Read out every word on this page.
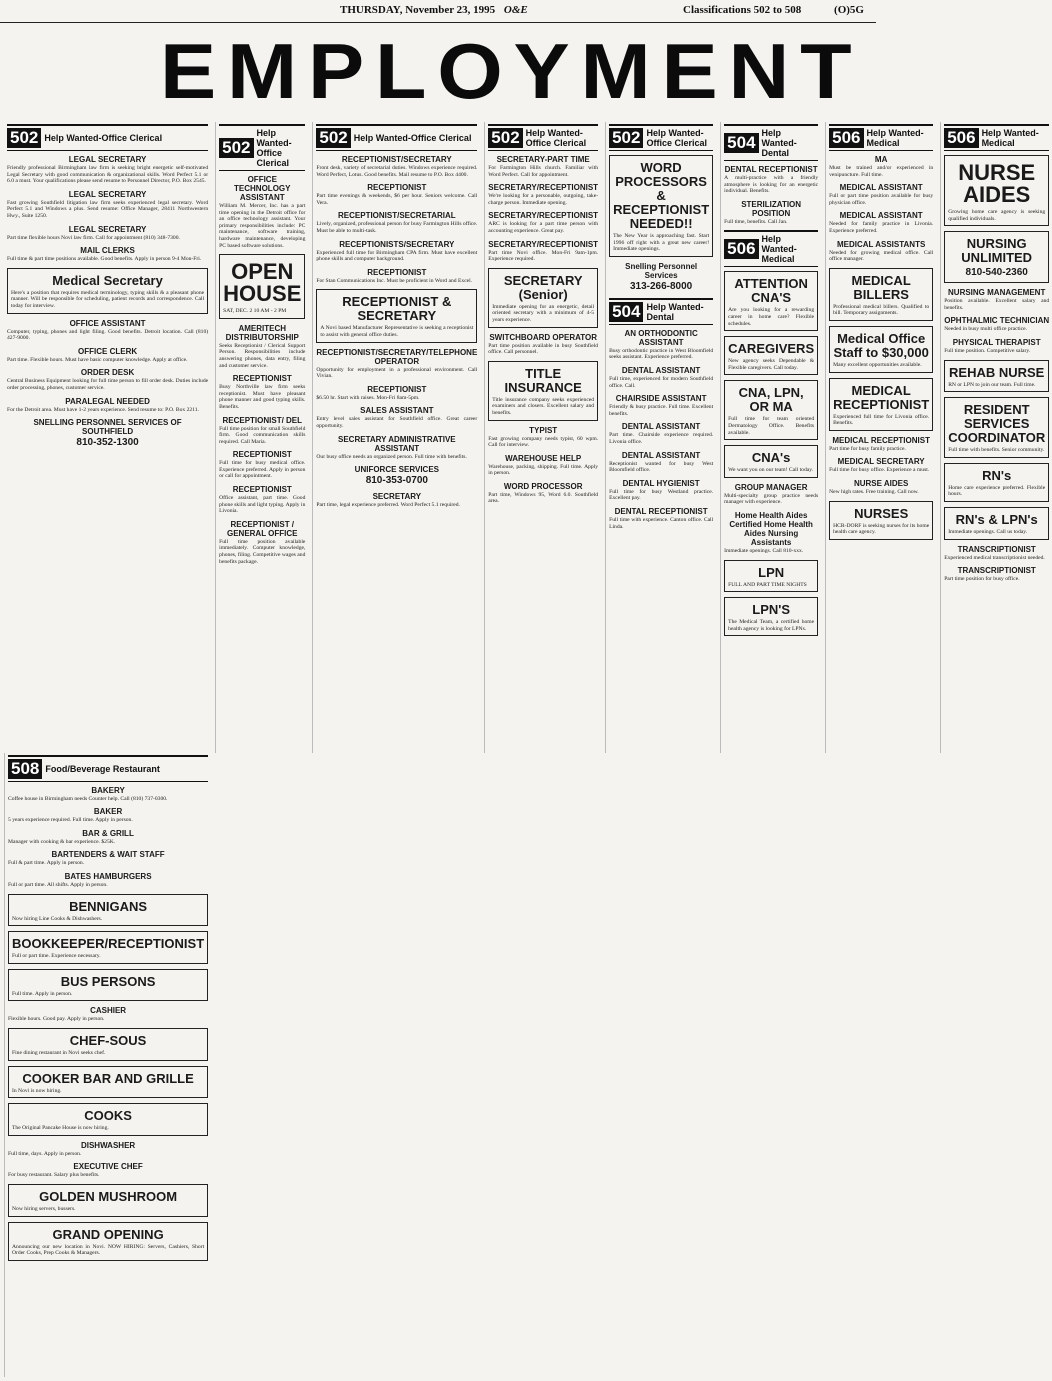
THURSDAY, November 23, 1995 O&E	Classifications 502 to 508	(O)5G
EMPLOYMENT
502 Help Wanted-Office Clerical
LEGAL SECRETARY
Friendly professional Birmingham law firm is seeking bright energetic self-motivated Legal Secretary with good communication & organizational skills. Word Perfect 5.1 or 6.0 a must. Your qualifications please send resume to Personnel Director, P.O. Box 2545.
LEGAL SECRETARY
Fast growing Southfield litigation law firm seeks experienced legal secretary. Word Perfect 5.1 and Windows a plus. Send resume: Office Manager, 28411 Northwestern Hwy., Suite 1250.
LEGAL SECRETARY
Part time flexible hours Novi law firm. Call for appointment (810) 348-7300.
MAIL CLERKS
Full time & part time positions available. Good benefits. Apply in person 9-4 Mon-Fri.
Medical Secretary
Here's a position that requires medical terminology, typing skills & a pleasant phone manner. Will be responsible for scheduling, patient records and correspondence. Call today for interview.
OFFICE ASSISTANT
Computer, typing, phones and light filing. Good benefits. Detroit location. Call (810) 427-9000.
OFFICE CLERK
Part time. Flexible hours. Must have basic computer knowledge. Apply at office.
ORDER DESK
Central Business Equipment looking for full time person to fill order desk. Duties include order processing, phones, customer service.
PARALEGAL NEEDED
For the Detroit area. Must have 1-2 years experience. Send resume to: P.O. Box 2211.
SNELLING PERSONNEL SERVICES OF SOUTHFIELD
810-352-1300
502
Help Wanted-Office Clerical
OFFICE TECHNOLOGY ASSISTANT
William M. Mercer, Inc. has a part time opening in the Detroit office for an office technology assistant. Your primary responsibilities include: PC maintenance, software training, hardware maintenance, developing PC based software solutions.
OPEN HOUSE
SAT, DEC. 2 10 AM - 2 PM
AMERITECH DISTRIBUTORSHIP
Seeks Receptionist / Clerical Support Person. Responsibilities include answering phones, data entry, filing and customer service.
RECEPTIONIST
Busy Northville law firm seeks receptionist. Must have pleasant phone manner and good typing skills. Benefits.
RECEPTIONIST/ DEL
Full time position for small Southfield firm. Good communication skills required. Call Maria.
RECEPTIONIST
Full time for busy medical office. Experience preferred. Apply in person or call for appointment.
RECEPTIONIST
Office assistant, part time. Good phone skills and light typing. Apply in Livonia.
RECEPTIONIST / GENERAL OFFICE
Full time position available immediately. Computer knowledge, phones, filing. Competitive wages and benefits package.
502 Help Wanted-Office Clerical
RECEPTIONIST/SECRETARY
Front desk, variety of secretarial duties. Windows experience required. Word Perfect, Lotus. Good benefits. Mail resume to P.O. Box 4400.
RECEPTIONIST
Part time evenings & weekends, $6 per hour. Seniors welcome. Call Vera.
RECEPTIONIST/SECRETARIAL
Lively, organized, professional person for busy Farmington Hills office. Must be able to multi-task.
RECEPTIONISTS/SECRETARY
Experienced full time for Birmingham CPA firm. Must have excellent phone skills and computer background.
RECEPTIONIST
For Stan Communications Inc. Must be proficient in Word and Excel.
RECEPTIONIST & SECRETARY
A Novi based Manufacturer Representative is seeking a receptionist to assist with general office duties.
RECEPTIONIST/SECRETARY/TELEPHONE OPERATOR
Opportunity for employment in a professional environment. Call Vivian.
RECEPTIONIST
$6.50 hr. Start with raises. Mon-Fri 8am-5pm.
SALES ASSISTANT
Entry level sales assistant for Southfield office. Great career opportunity.
SECRETARY ADMINISTRATIVE ASSISTANT
Our busy office needs an organized person. Full time with benefits.
UNIFORCE SERVICES
810-353-0700
SECRETARY
Part time, legal experience preferred. Word Perfect 5.1 required.
502 Help Wanted-Office Clerical
SECRETARY-PART TIME
For Farmington Hills church. Familiar with Word Perfect. Call for appointment.
SECRETARY/RECEPTIONIST
We're looking for a personable, outgoing, take-charge person. Immediate opening.
SECRETARY/RECEPTIONIST
ARC is looking for a part time person with accounting experience. Great pay.
SECRETARY/RECEPTIONIST
Part time Novi office. Mon-Fri 9am-1pm. Experience required.
SECRETARY (Senior)
Immediate opening for an energetic, detail oriented secretary with a minimum of 4-5 years experience.
SWITCHBOARD OPERATOR
Part time position available in busy Southfield office. Call personnel.
TITLE INSURANCE
Title insurance company seeks experienced examiners and closers. Excellent salary and benefits.
TYPIST
Fast growing company needs typist, 60 wpm. Call for interview.
WAREHOUSE HELP
Warehouse, packing, shipping. Full time. Apply in person.
WORD PROCESSOR
Part time, Windows 95, Word 6.0. Southfield area.
502 Help Wanted-Office Clerical
WORD PROCESSORS & RECEPTIONIST NEEDED!!
The New Year is approaching fast. Start 1996 off right with a great new career! Immediate openings.
Snelling Personnel Services
313-266-8000
504 Help Wanted-Dental
AN ORTHODONTIC ASSISTANT
Busy orthodontic practice in West Bloomfield seeks assistant. Experience preferred.
DENTAL ASSISTANT
Full time, experienced for modern Southfield office. Call.
CHAIRSIDE ASSISTANT
Friendly & busy practice. Full time. Excellent benefits.
DENTAL ASSISTANT
Part time. Chairside experience required. Livonia office.
DENTAL ASSISTANT
Receptionist wanted for busy West Bloomfield office.
DENTAL HYGIENIST
Full time for busy Westland practice. Excellent pay.
DENTAL RECEPTIONIST
Full time with experience. Canton office. Call Linda.
504 Help Wanted-Dental
DENTAL RECEPTIONIST
A multi-practice with a friendly atmosphere is looking for an energetic individual. Benefits.
STERILIZATION POSITION
Full time, benefits. Call Jan.
506 Help Wanted-Medical
ATTENTION CNA'S
Are you looking for a rewarding career in home care? Flexible schedules.
CAREGIVERS
New agency seeks Dependable & Flexible caregivers. Call today.
CNA, LPN, OR MA
Full time for team oriented Dermatology Office. Benefits available.
CNA's
We want you on our team! Call today.
GROUP MANAGER
Multi-specialty group practice needs manager with experience.
Home Health Aides Certified Home Health Aides Nursing Assistants
Immediate openings. Call 810-xxx.
LPN
FULL AND PART TIME NIGHTS
LPN'S
The Medical Team, a certified home health agency is looking for LPNs.
506 Help Wanted-Medical
MA
Must be trained and/or experienced in venipuncture. Full time.
MEDICAL ASSISTANT
Full or part time position available for busy physician office.
MEDICAL ASSISTANT
Needed for family practice in Livonia. Experience preferred.
MEDICAL ASSISTANTS
Needed for growing medical office. Call office manager.
MEDICAL BILLERS
Professional medical billers. Qualified to bill. Temporary assignments.
Medical Office Staff to $30,000
Many excellent opportunities available.
MEDICAL RECEPTIONIST
Experienced full time for Livonia office. Benefits.
MEDICAL RECEPTIONIST
Part time for busy family practice.
MEDICAL SECRETARY
Full time for busy office. Experience a must.
NURSE AIDES
New high rates. Free training. Call now.
NURSES
HCR-DORF is seeking nurses for its home health care agency.
506 Help Wanted-Medical
NURSE AIDES
Growing home care agency is seeking qualified individuals.
NURSING UNLIMITED
810-540-2360
NURSING MANAGEMENT
Position available. Excellent salary and benefits.
OPHTHALMIC TECHNICIAN
Needed in busy multi office practice.
PHYSICAL THERAPIST
Full time position. Competitive salary.
REHAB NURSE
RN or LPN to join our team. Full time.
RESIDENT SERVICES COORDINATOR
Full time with benefits. Senior community.
RN's
Home care experience preferred. Flexible hours.
RN's & LPN's
Immediate openings. Call us today.
TRANSCRIPTIONIST
Experienced medical transcriptionist needed.
TRANSCRIPTIONIST
Part time position for busy office.
508 Food/Beverage Restaurant
BAKERY
Coffee house in Birmingham needs Counter help. Call (810) 737-0300.
BAKER
5 years experience required. Full time. Apply in person.
BAR & GRILL
Manager with cooking & bar experience. $25K.
BARTENDERS & WAIT STAFF
Full & part time. Apply in person.
BATES HAMBURGERS
Full or part time. All shifts. Apply in person.
BENNIGANS
Now hiring Line Cooks & Dishwashers.
BOOKKEEPER/RECEPTIONIST
Full or part time. Experience necessary.
BUS PERSONS
Full time. Apply in person.
CASHIER
Flexible hours. Good pay. Apply in person.
CHEF-SOUS
Fine dining restaurant in Novi seeks chef.
COOKER BAR AND GRILLE
In Novi is now hiring.
COOKS
The Original Pancake House is now hiring.
DISHWASHER
Full time, days. Apply in person.
EXECUTIVE CHEF
For busy restaurant. Salary plus benefits.
GOLDEN MUSHROOM
Now hiring servers, bussers.
GRAND OPENING
Announcing our new location in Novi. NOW HIRING: Servers, Cashiers, Short Order Cooks, Prep Cooks & Managers.
